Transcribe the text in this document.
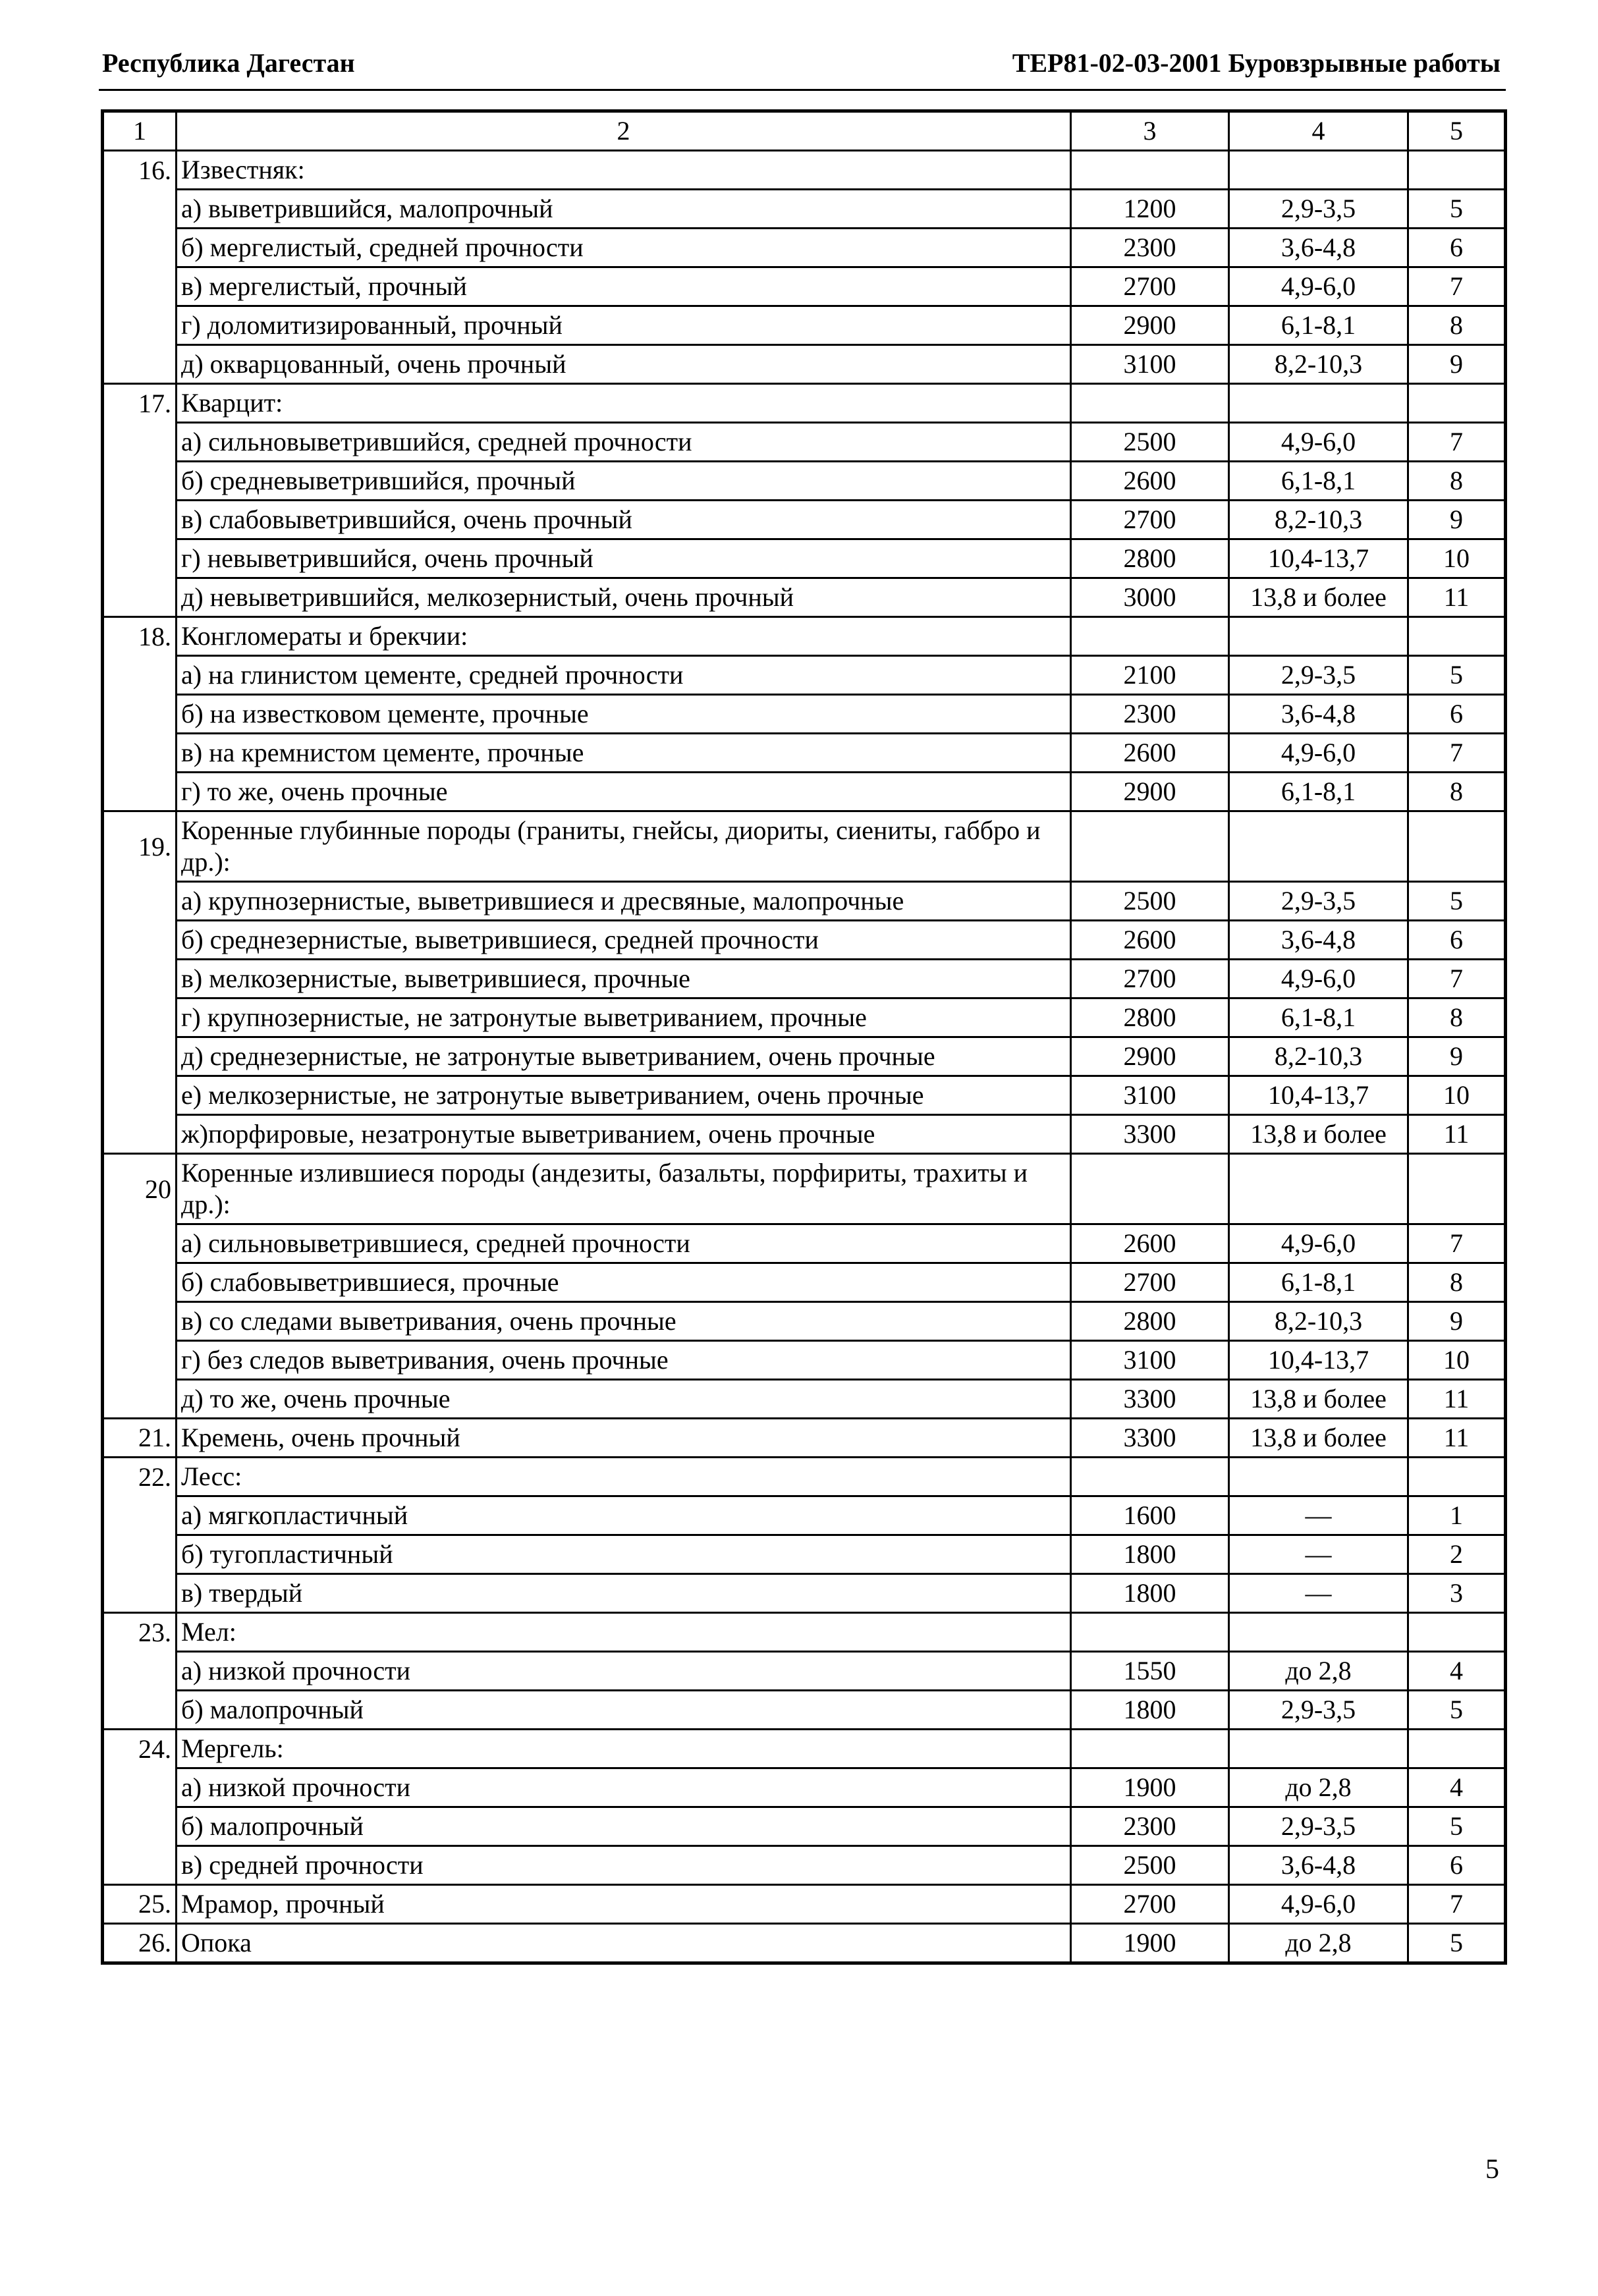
Республика Дагестан	ТЕР81-02-03-2001 Буровзрывные работы
1	2	3	4	5
16.	Известняк:			
	а) выветрившийся, малопрочный	1200	2,9-3,5	5
	б) мергелистый, средней прочности	2300	3,6-4,8	6
	в) мергелистый, прочный	2700	4,9-6,0	7
	г) доломитизированный, прочный	2900	6,1-8,1	8
	д) окварцованный, очень прочный	3100	8,2-10,3	9
17.	Кварцит:			
	а) сильновыветрившийся, средней прочности	2500	4,9-6,0	7
	б) средневыветрившийся, прочный	2600	6,1-8,1	8
	в) слабовыветрившийся, очень прочный	2700	8,2-10,3	9
	г) невыветрившийся, очень прочный	2800	10,4-13,7	10
	д) невыветрившийся, мелкозернистый, очень прочный	3000	13,8 и более	11
18.	Конгломераты и брекчии:			
	а) на глинистом цементе, средней прочности	2100	2,9-3,5	5
	б) на известковом цементе, прочные	2300	3,6-4,8	6
	в) на кремнистом цементе, прочные	2600	4,9-6,0	7
	г) то же, очень прочные	2900	6,1-8,1	8
19.	Коренные глубинные породы (граниты, гнейсы, диориты, сиениты, габбро и др.):			
	а) крупнозернистые, выветрившиеся и дресвяные, малопрочные	2500	2,9-3,5	5
	б) среднезернистые, выветрившиеся, средней прочности	2600	3,6-4,8	6
	в) мелкозернистые, выветрившиеся, прочные	2700	4,9-6,0	7
	г) крупнозернистые, не затронутые выветриванием, прочные	2800	6,1-8,1	8
	д) среднезернистые, не затронутые выветриванием, очень прочные	2900	8,2-10,3	9
	е) мелкозернистые, не затронутые выветриванием, очень прочные	3100	10,4-13,7	10
	ж)порфировые, незатронутые выветриванием, очень прочные	3300	13,8 и более	11
20	Коренные излившиеся породы (андезиты, базальты, порфириты, трахиты и др.):			
	а) сильновыветрившиеся, средней прочности	2600	4,9-6,0	7
	б) слабовыветрившиеся, прочные	2700	6,1-8,1	8
	в) со следами выветривания, очень прочные	2800	8,2-10,3	9
	г) без следов выветривания, очень прочные	3100	10,4-13,7	10
	д) то же, очень прочные	3300	13,8 и более	11
21.	Кремень, очень прочный	3300	13,8 и более	11
22.	Лесс:			
	а) мягкопластичный	1600	—	1
	б) тугопластичный	1800	—	2
	в) твердый	1800	—	3
23.	Мел:			
	а) низкой прочности	1550	до 2,8	4
	б) малопрочный	1800	2,9-3,5	5
24.	Мергель:			
	а) низкой прочности	1900	до 2,8	4
	б) малопрочный	2300	2,9-3,5	5
	в) средней прочности	2500	3,6-4,8	6
25.	Мрамор, прочный	2700	4,9-6,0	7
26.	Опока	1900	до 2,8	5
5
